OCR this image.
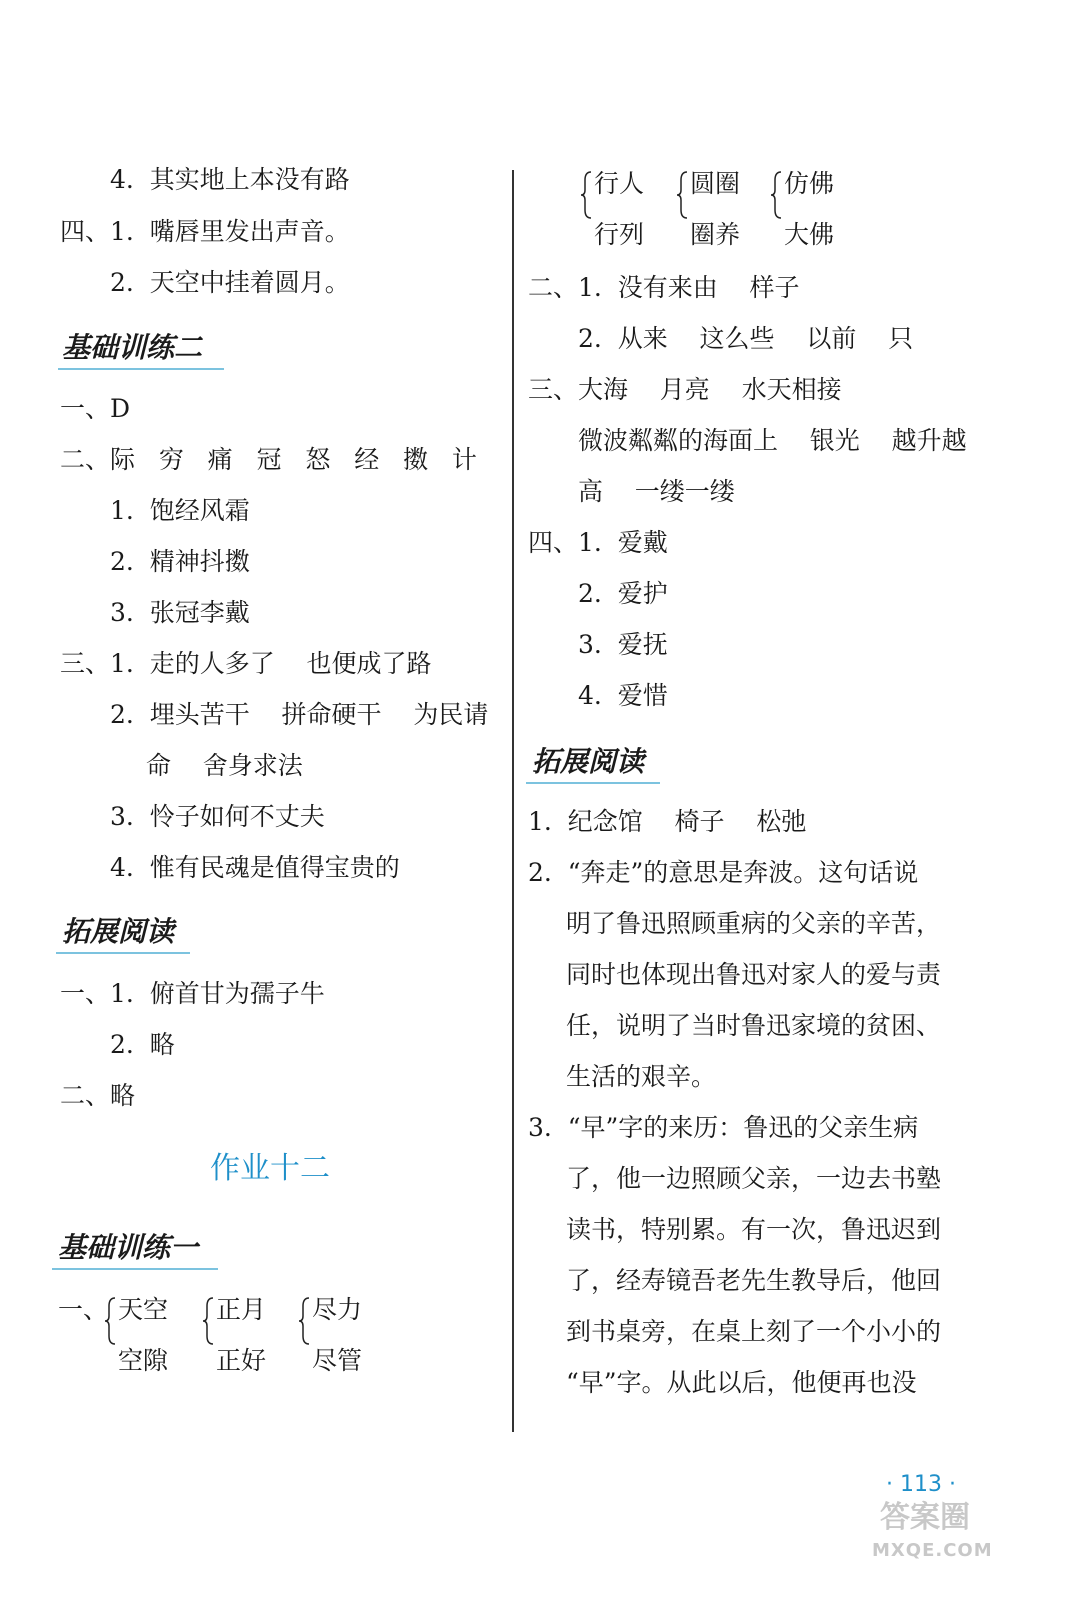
4.  其实地上本没有路
四、1.  嘴唇里发出声音。
2.  天空中挂着圆月。
基础训练二
一、D
二、际   穷   痛   冠   怒   经   擞   计
1.  饱经风霜
2.  精神抖擞
3.  张冠李戴
三、1.  走的人多了    也便成了路
2.  埋头苦干    拼命硬干    为民请
命    舍身求法
3.  怜子如何不丈夫
4.  惟有民魂是值得宝贵的
拓展阅读
一、1.  俯首甘为孺子牛
2.  略
二、略
作业十二
基础训练一
一、 天空
空隙
正月
正好
尽力
尽管
行人
行列
圆圈
圈养
仿佛
大佛
二、1.  没有来由    样子
2.  从来    这么些    以前    只
三、大海    月亮    水天相接
微波粼粼的海面上    银光    越升越
高    一缕一缕
四、1.  爱戴
2.  爱护
3.  爱抚
4.  爱惜
拓展阅读
1.  纪念馆    椅子    松弛
2.  “奔走”的意思是奔波。这句话说
明了鲁迅照顾重病的父亲的辛苦，
同时也体现出鲁迅对家人的爱与责
任，说明了当时鲁迅家境的贫困、
生活的艰辛。
3.  “早”字的来历：鲁迅的父亲生病
了，他一边照顾父亲，一边去书塾
读书，特别累。有一次，鲁迅迟到
了，经寿镜吾老先生教导后，他回
到书桌旁，在桌上刻了一个小小的
“早”字。从此以后，他便再也没
· 113 ·
答案圈
MXQE.COM
